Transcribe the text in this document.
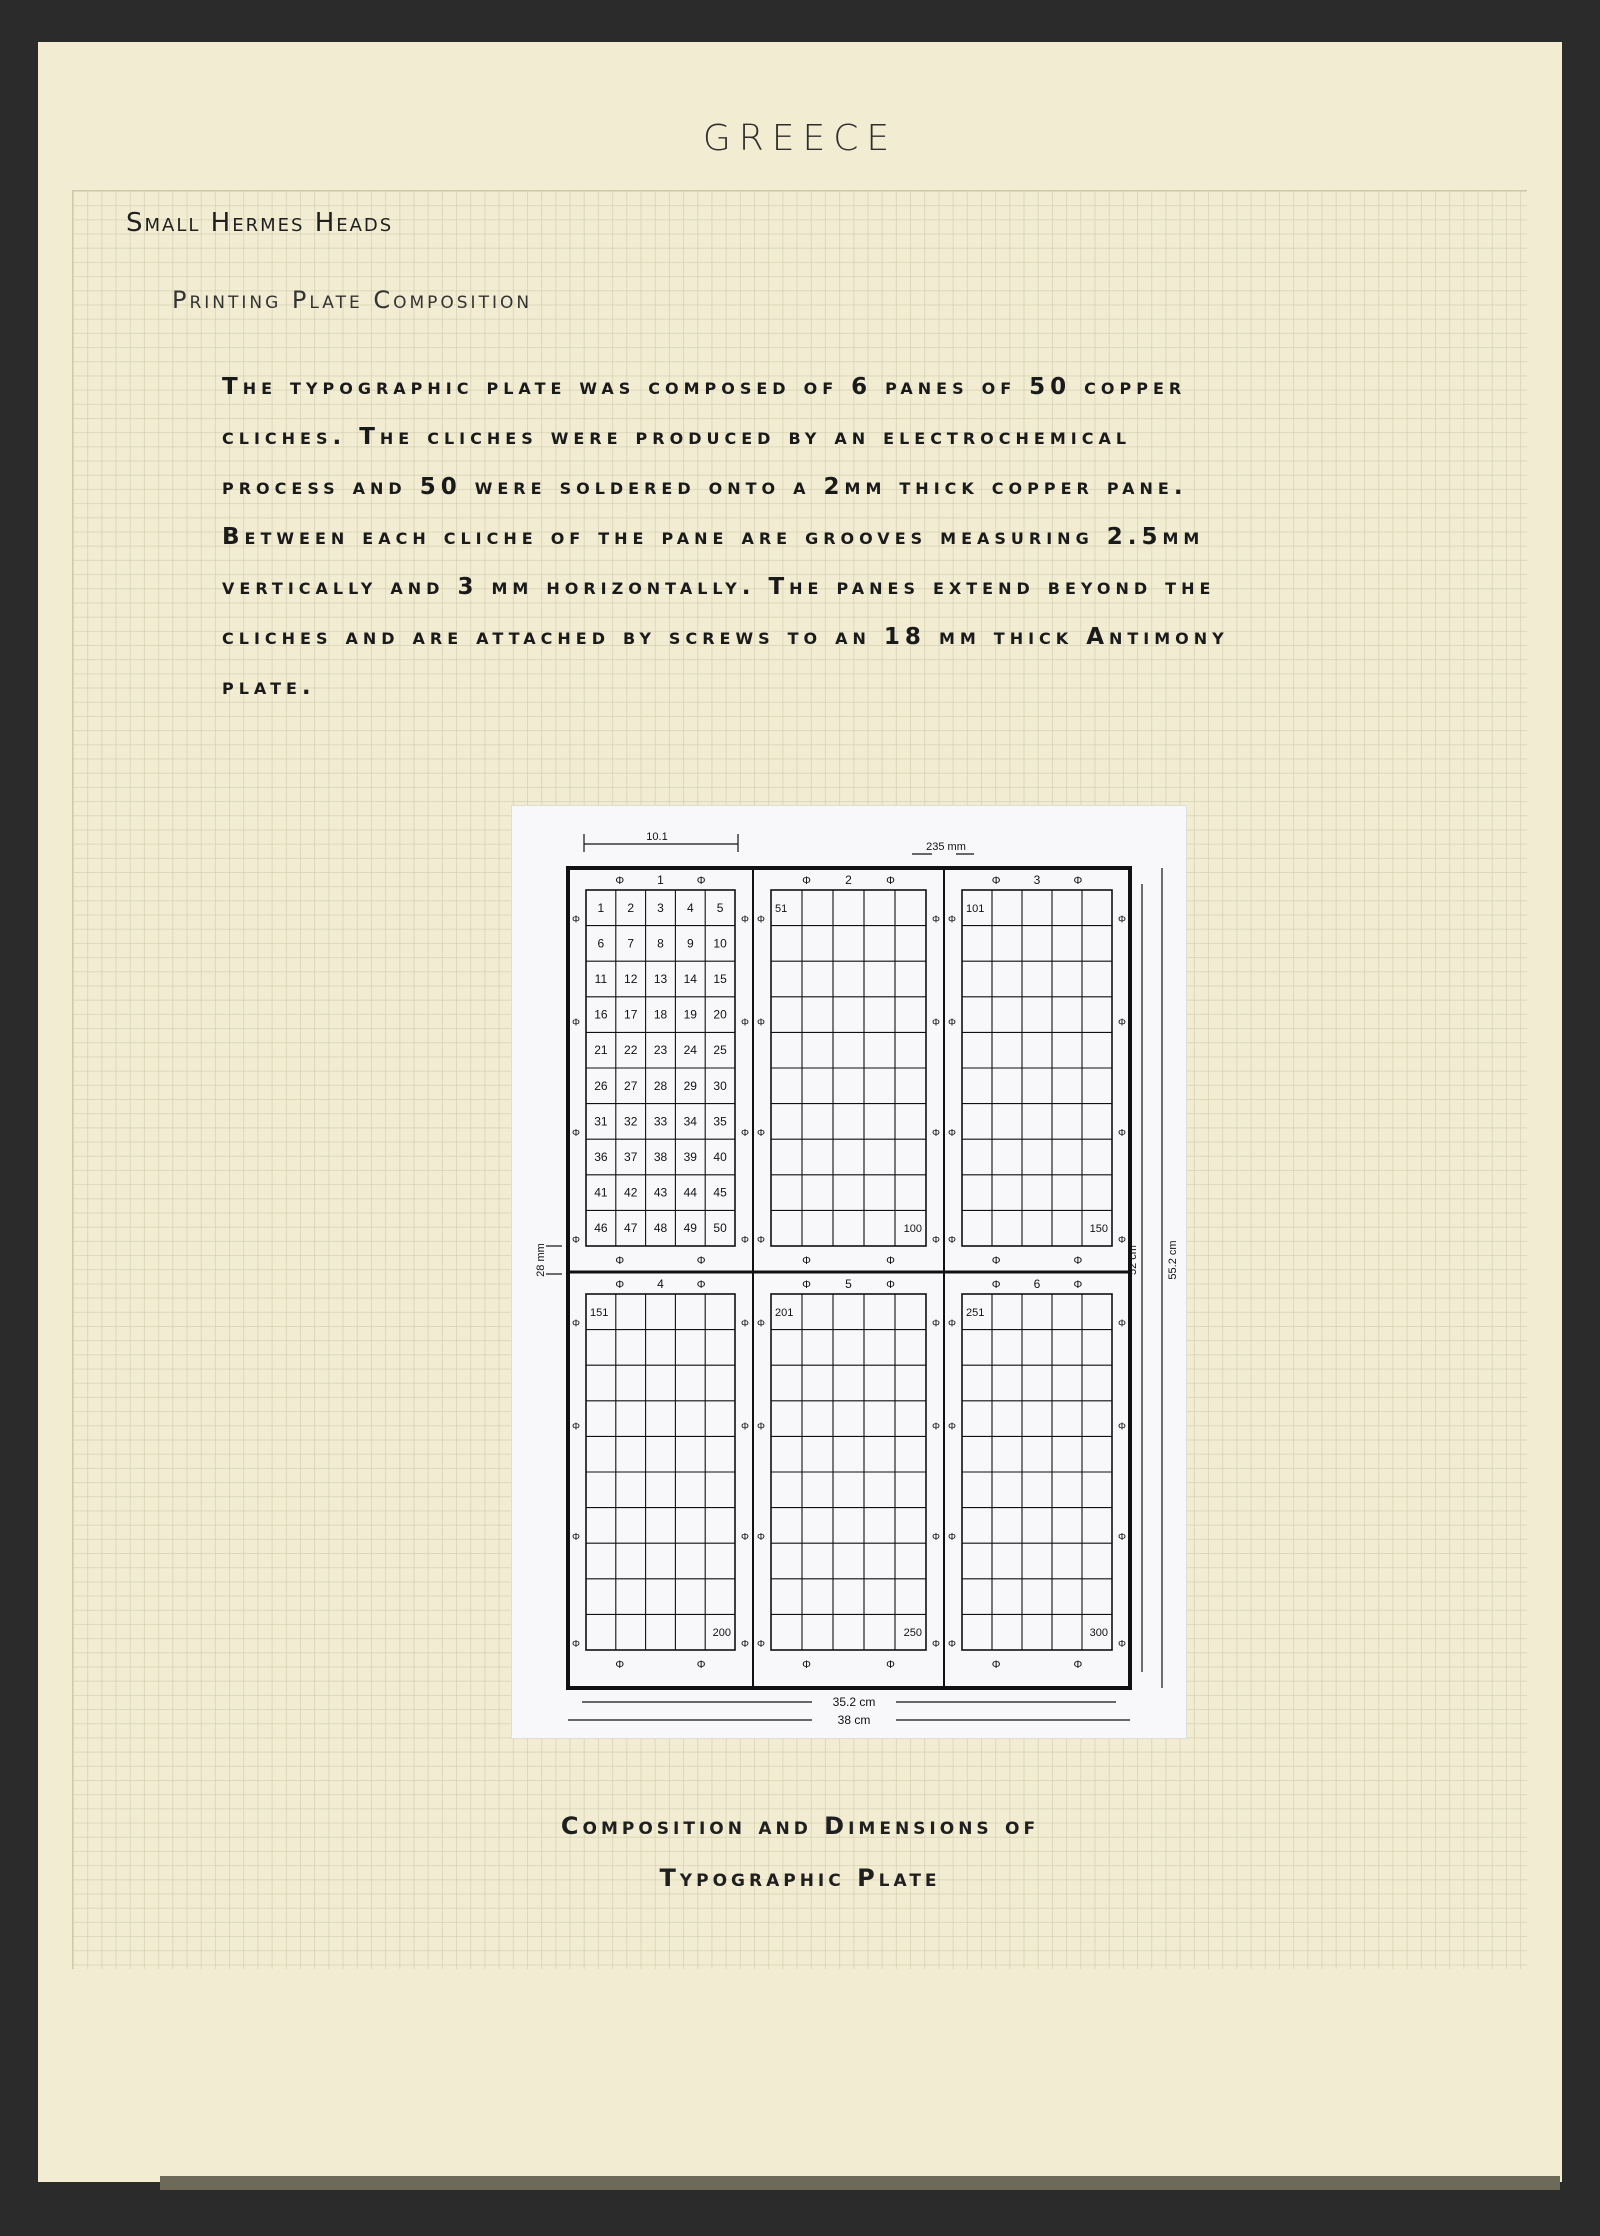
GREECE
Small Hermes Heads
Printing Plate Composition
The typographic plate was composed of 6 panes of 50 copper
cliches. The cliches were produced by an electrochemical
process and 50 were soldered onto a 2mm thick copper pane.
Between each cliche of the pane are grooves measuring 2.5mm
vertically and 3 mm horizontally. The panes extend beyond the
cliches and are attached by screws to an 18 mm thick Antimony
plate.
1
Φ	Φ
Φ	Φ
Φ	Φ
Φ	Φ
Φ	Φ
Φ	Φ
1 2 3 4 5
6 7 8 9 10
11 12 13 14 15
16 17 18 19 20
21 22 23 24 25
26 27 28 29 30
31 32 33 34 35
36 37 38 39 40
41 42 43 44 45
46 47 48 49 50
2
Φ	Φ
Φ	Φ
Φ	Φ
Φ	Φ
Φ	Φ
Φ	Φ
51
100
3
Φ	Φ
Φ	Φ
Φ	Φ
Φ	Φ
Φ	Φ
Φ	Φ
101
150
4
Φ	Φ
Φ	Φ
Φ	Φ
Φ	Φ
Φ	Φ
Φ	Φ
151
200
5
Φ	Φ
Φ	Φ
Φ	Φ
Φ	Φ
Φ	Φ
Φ	Φ
201
250
6
Φ	Φ
Φ	Φ
Φ	Φ
Φ	Φ
Φ	Φ
Φ	Φ
251
300
10.1
235 mm
28 mm	52 cm	55.2 cm
35.2 cm
38 cm
Composition and Dimensions of
Typographic Plate
